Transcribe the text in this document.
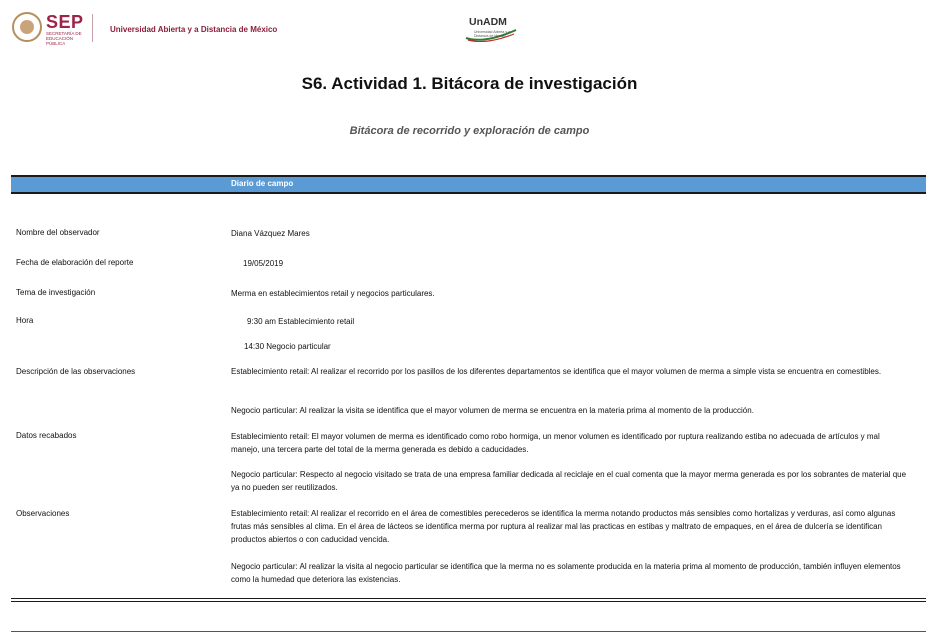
SEP
SECRETARÍA DE EDUCACIÓN PÚBLICA
Universidad Abierta y a Distancia de México
UnADM
Universidad Abierta y a Distancia de México
S6. Actividad 1. Bitácora de investigación
Bitácora de recorrido y exploración de campo
Diario de campo
Nombre del observador	Diana Vázquez Mares
Fecha de elaboración del reporte	19/05/2019
Tema de investigación	Merma en establecimientos retail y negocios particulares.
Hora	9:30 am Establecimiento retail
14:30 Negocio particular
Descripción de las observaciones	Establecimiento retail: Al realizar el recorrido por los pasillos de los diferentes departamentos se identifica que el mayor volumen de merma a simple vista se encuentra en comestibles.
Negocio particular: Al realizar la visita se identifica que el mayor volumen de merma se encuentra en la materia prima al momento de la producción.
Datos recabados	Establecimiento retail: El mayor volumen de merma es identificado como robo hormiga, un menor volumen es identificado por ruptura realizando estiba no adecuada de artículos y mal manejo, una tercera parte del total de la merma generada es debido a caducidades.
Negocio particular: Respecto al negocio visitado se trata de una empresa familiar dedicada al reciclaje en el cual comenta que la mayor merma generada es por los sobrantes de material que ya no pueden ser reutilizados.
Observaciones	Establecimiento retail: Al realizar el recorrido en el área de comestibles perecederos se identifica la merma notando productos más sensibles como hortalizas y verduras, así como algunas frutas más sensibles al clima. En el área de lácteos se identifica merma por ruptura al realizar mal las practicas en estibas y maltrato de empaques, en el área de dulcería se identifican productos abiertos o con caducidad vencida.
Negocio particular: Al realizar la visita al negocio particular se identifica que la merma no es solamente producida en la materia prima al momento de producción, también influyen elementos como la humedad que deteriora las existencias.
